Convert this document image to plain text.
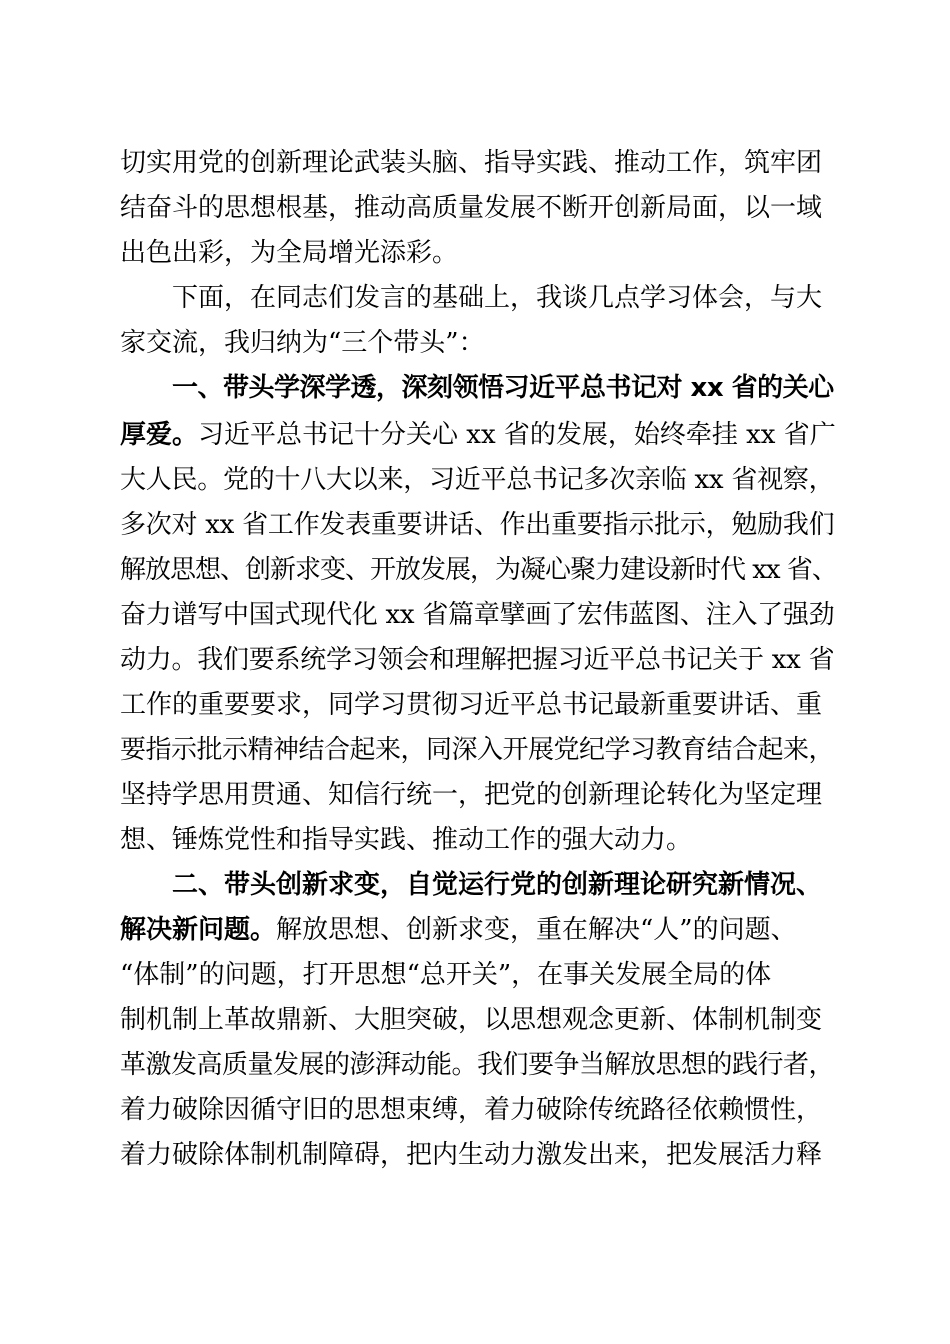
切实用党的创新理论武装头脑、指导实践、推动工作，筑牢团
结奋斗的思想根基，推动高质量发展不断开创新局面，以一域
出色出彩，为全局增光添彩。
下面，在同志们发言的基础上，我谈几点学习体会，与大
家交流，我归纳为“三个带头”：
一、带头学深学透，深刻领悟习近平总书记对 xx 省的关心
厚爱。习近平总书记十分关心 xx 省的发展，始终牵挂 xx 省广
大人民。党的十八大以来，习近平总书记多次亲临 xx 省视察，
多次对 xx 省工作发表重要讲话、作出重要指示批示，勉励我们
解放思想、创新求变、开放发展，为凝心聚力建设新时代 xx 省、
奋力谱写中国式现代化 xx 省篇章擘画了宏伟蓝图、注入了强劲
动力。我们要系统学习领会和理解把握习近平总书记关于 xx 省
工作的重要要求，同学习贯彻习近平总书记最新重要讲话、重
要指示批示精神结合起来，同深入开展党纪学习教育结合起来，
坚持学思用贯通、知信行统一，把党的创新理论转化为坚定理
想、锤炼党性和指导实践、推动工作的强大动力。
二、带头创新求变，自觉运行党的创新理论研究新情况、
解决新问题。解放思想、创新求变，重在解决“人”的问题、
“体制”的问题，打开思想“总开关”，在事关发展全局的体
制机制上革故鼎新、大胆突破，以思想观念更新、体制机制变
革激发高质量发展的澎湃动能。我们要争当解放思想的践行者，
着力破除因循守旧的思想束缚，着力破除传统路径依赖惯性，
着力破除体制机制障碍，把内生动力激发出来，把发展活力释
